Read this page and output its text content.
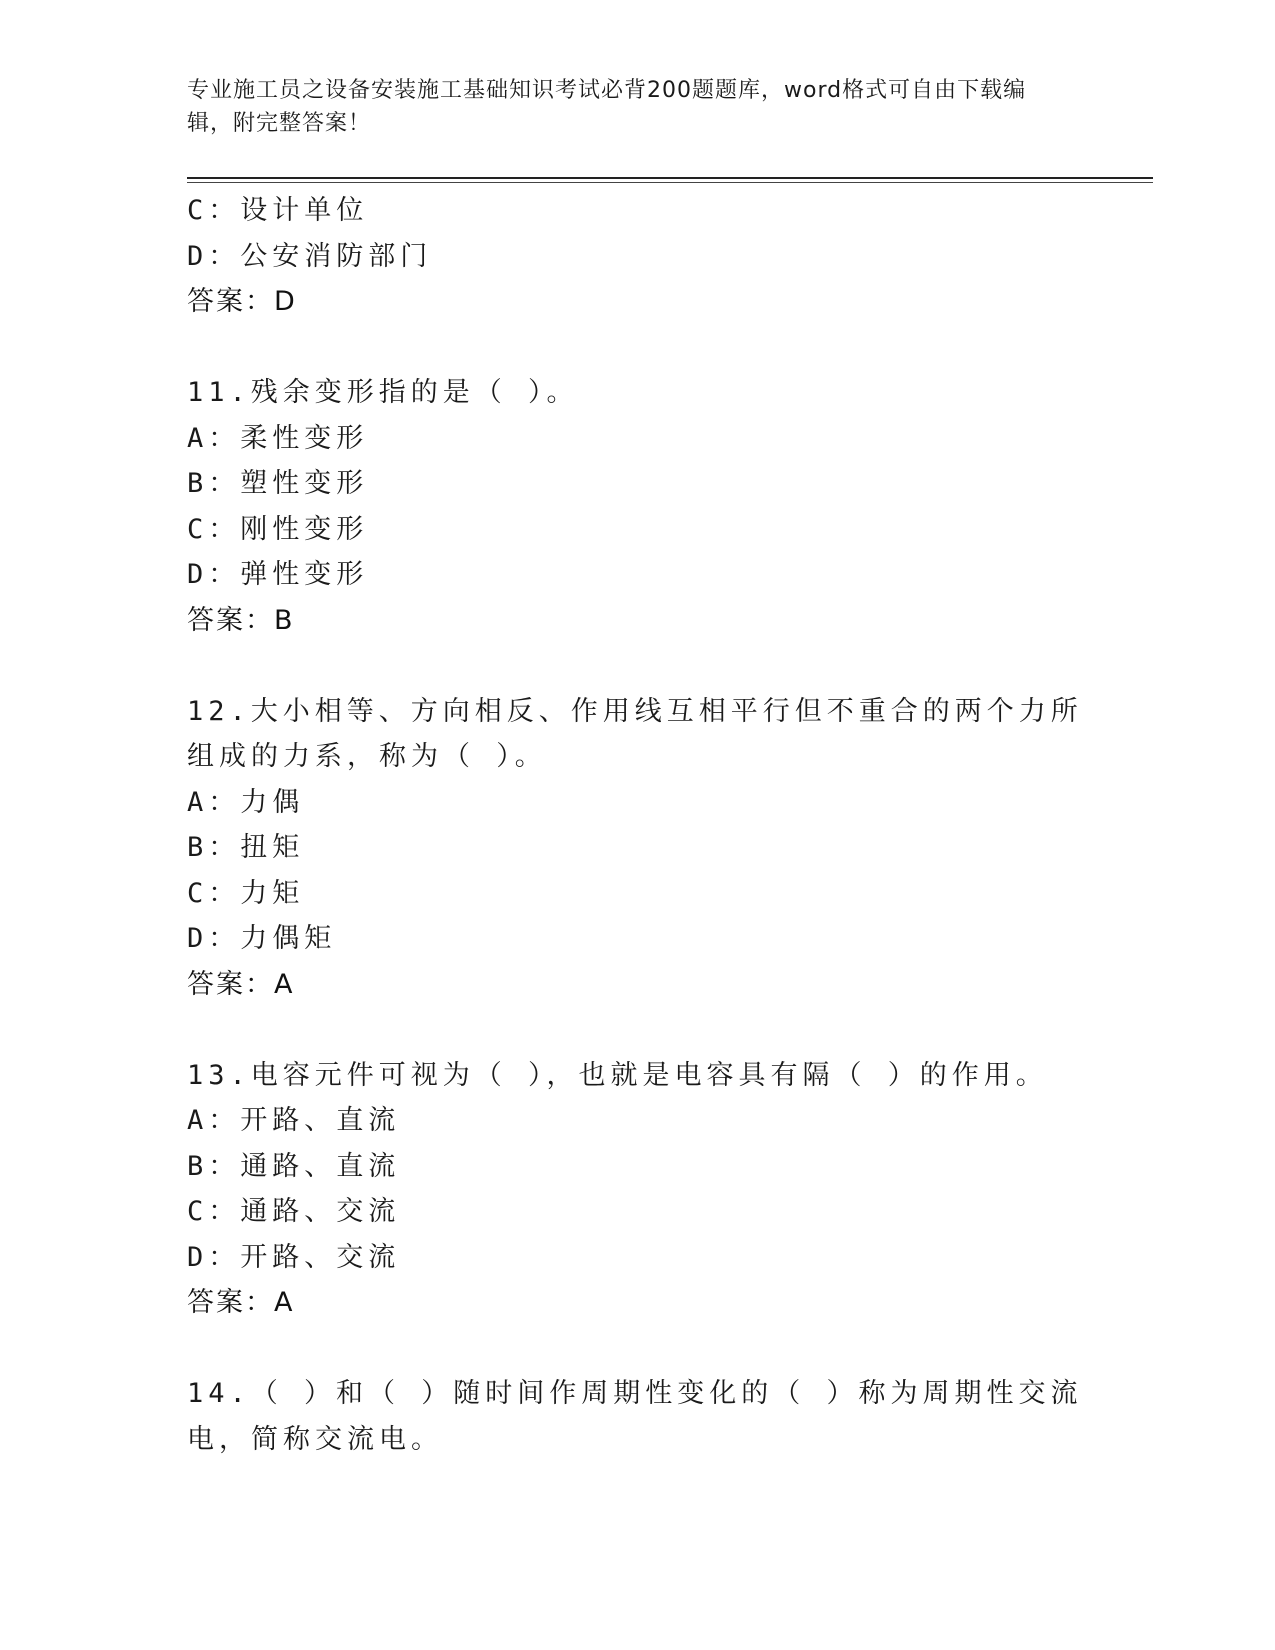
专业施工员之设备安装施工基础知识考试必背200题题库，word格式可自由下载编辑，附完整答案！
C：设计单位
D：公安消防部门
答案：D
11.残余变形指的是（ ）。
A：柔性变形
B：塑性变形
C：刚性变形
D：弹性变形
答案：B
12.大小相等、方向相反、作用线互相平行但不重合的两个力所组成的力系，称为（ ）。
A：力偶
B：扭矩
C：力矩
D：力偶矩
答案：A
13.电容元件可视为（ ），也就是电容具有隔（ ）的作用。
A：开路、直流
B：通路、直流
C：通路、交流
D：开路、交流
答案：A
14.（ ）和（ ）随时间作周期性变化的（ ）称为周期性交流电，简称交流电。
